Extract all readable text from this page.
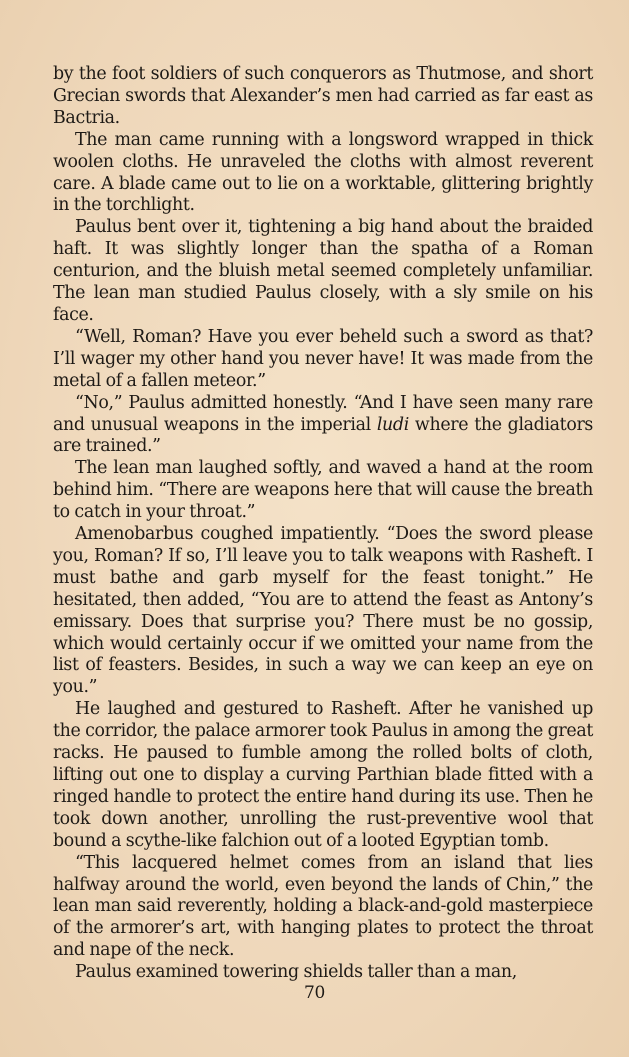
by the foot soldiers of such conquerors as Thutmose, and short Grecian swords that Alexander’s men had carried as far east as Bactria.

The man came running with a longsword wrapped in thick woolen cloths. He unraveled the cloths with almost reverent care. A blade came out to lie on a worktable, glittering brightly in the torchlight.

Paulus bent over it, tightening a big hand about the braided haft. It was slightly longer than the spatha of a Roman centurion, and the bluish metal seemed completely unfamiliar. The lean man studied Paulus closely, with a sly smile on his face.

“Well, Roman? Have you ever beheld such a sword as that? I’ll wager my other hand you never have! It was made from the metal of a fallen meteor.”

“No,” Paulus admitted honestly. “And I have seen many rare and unusual weapons in the imperial ludi where the gladiators are trained.”

The lean man laughed softly, and waved a hand at the room behind him. “There are weapons here that will cause the breath to catch in your throat.”

Amenobarbus coughed impatiently. “Does the sword please you, Roman? If so, I’ll leave you to talk weapons with Rasheft. I must bathe and garb myself for the feast tonight.” He hesitated, then added, “You are to attend the feast as Antony’s emissary. Does that surprise you? There must be no gossip, which would certainly occur if we omitted your name from the list of feasters. Besides, in such a way we can keep an eye on you.”

He laughed and gestured to Rasheft. After he vanished up the corridor, the palace armorer took Paulus in among the great racks. He paused to fumble among the rolled bolts of cloth, lifting out one to display a curving Parthian blade fitted with a ringed handle to protect the entire hand during its use. Then he took down another, unrolling the rust-preventive wool that bound a scythe-like falchion out of a looted Egyptian tomb.

“This lacquered helmet comes from an island that lies halfway around the world, even beyond the lands of Chin,” the lean man said reverently, holding a black-and-gold masterpiece of the armorer’s art, with hanging plates to protect the throat and nape of the neck.

Paulus examined towering shields taller than a man,

70
